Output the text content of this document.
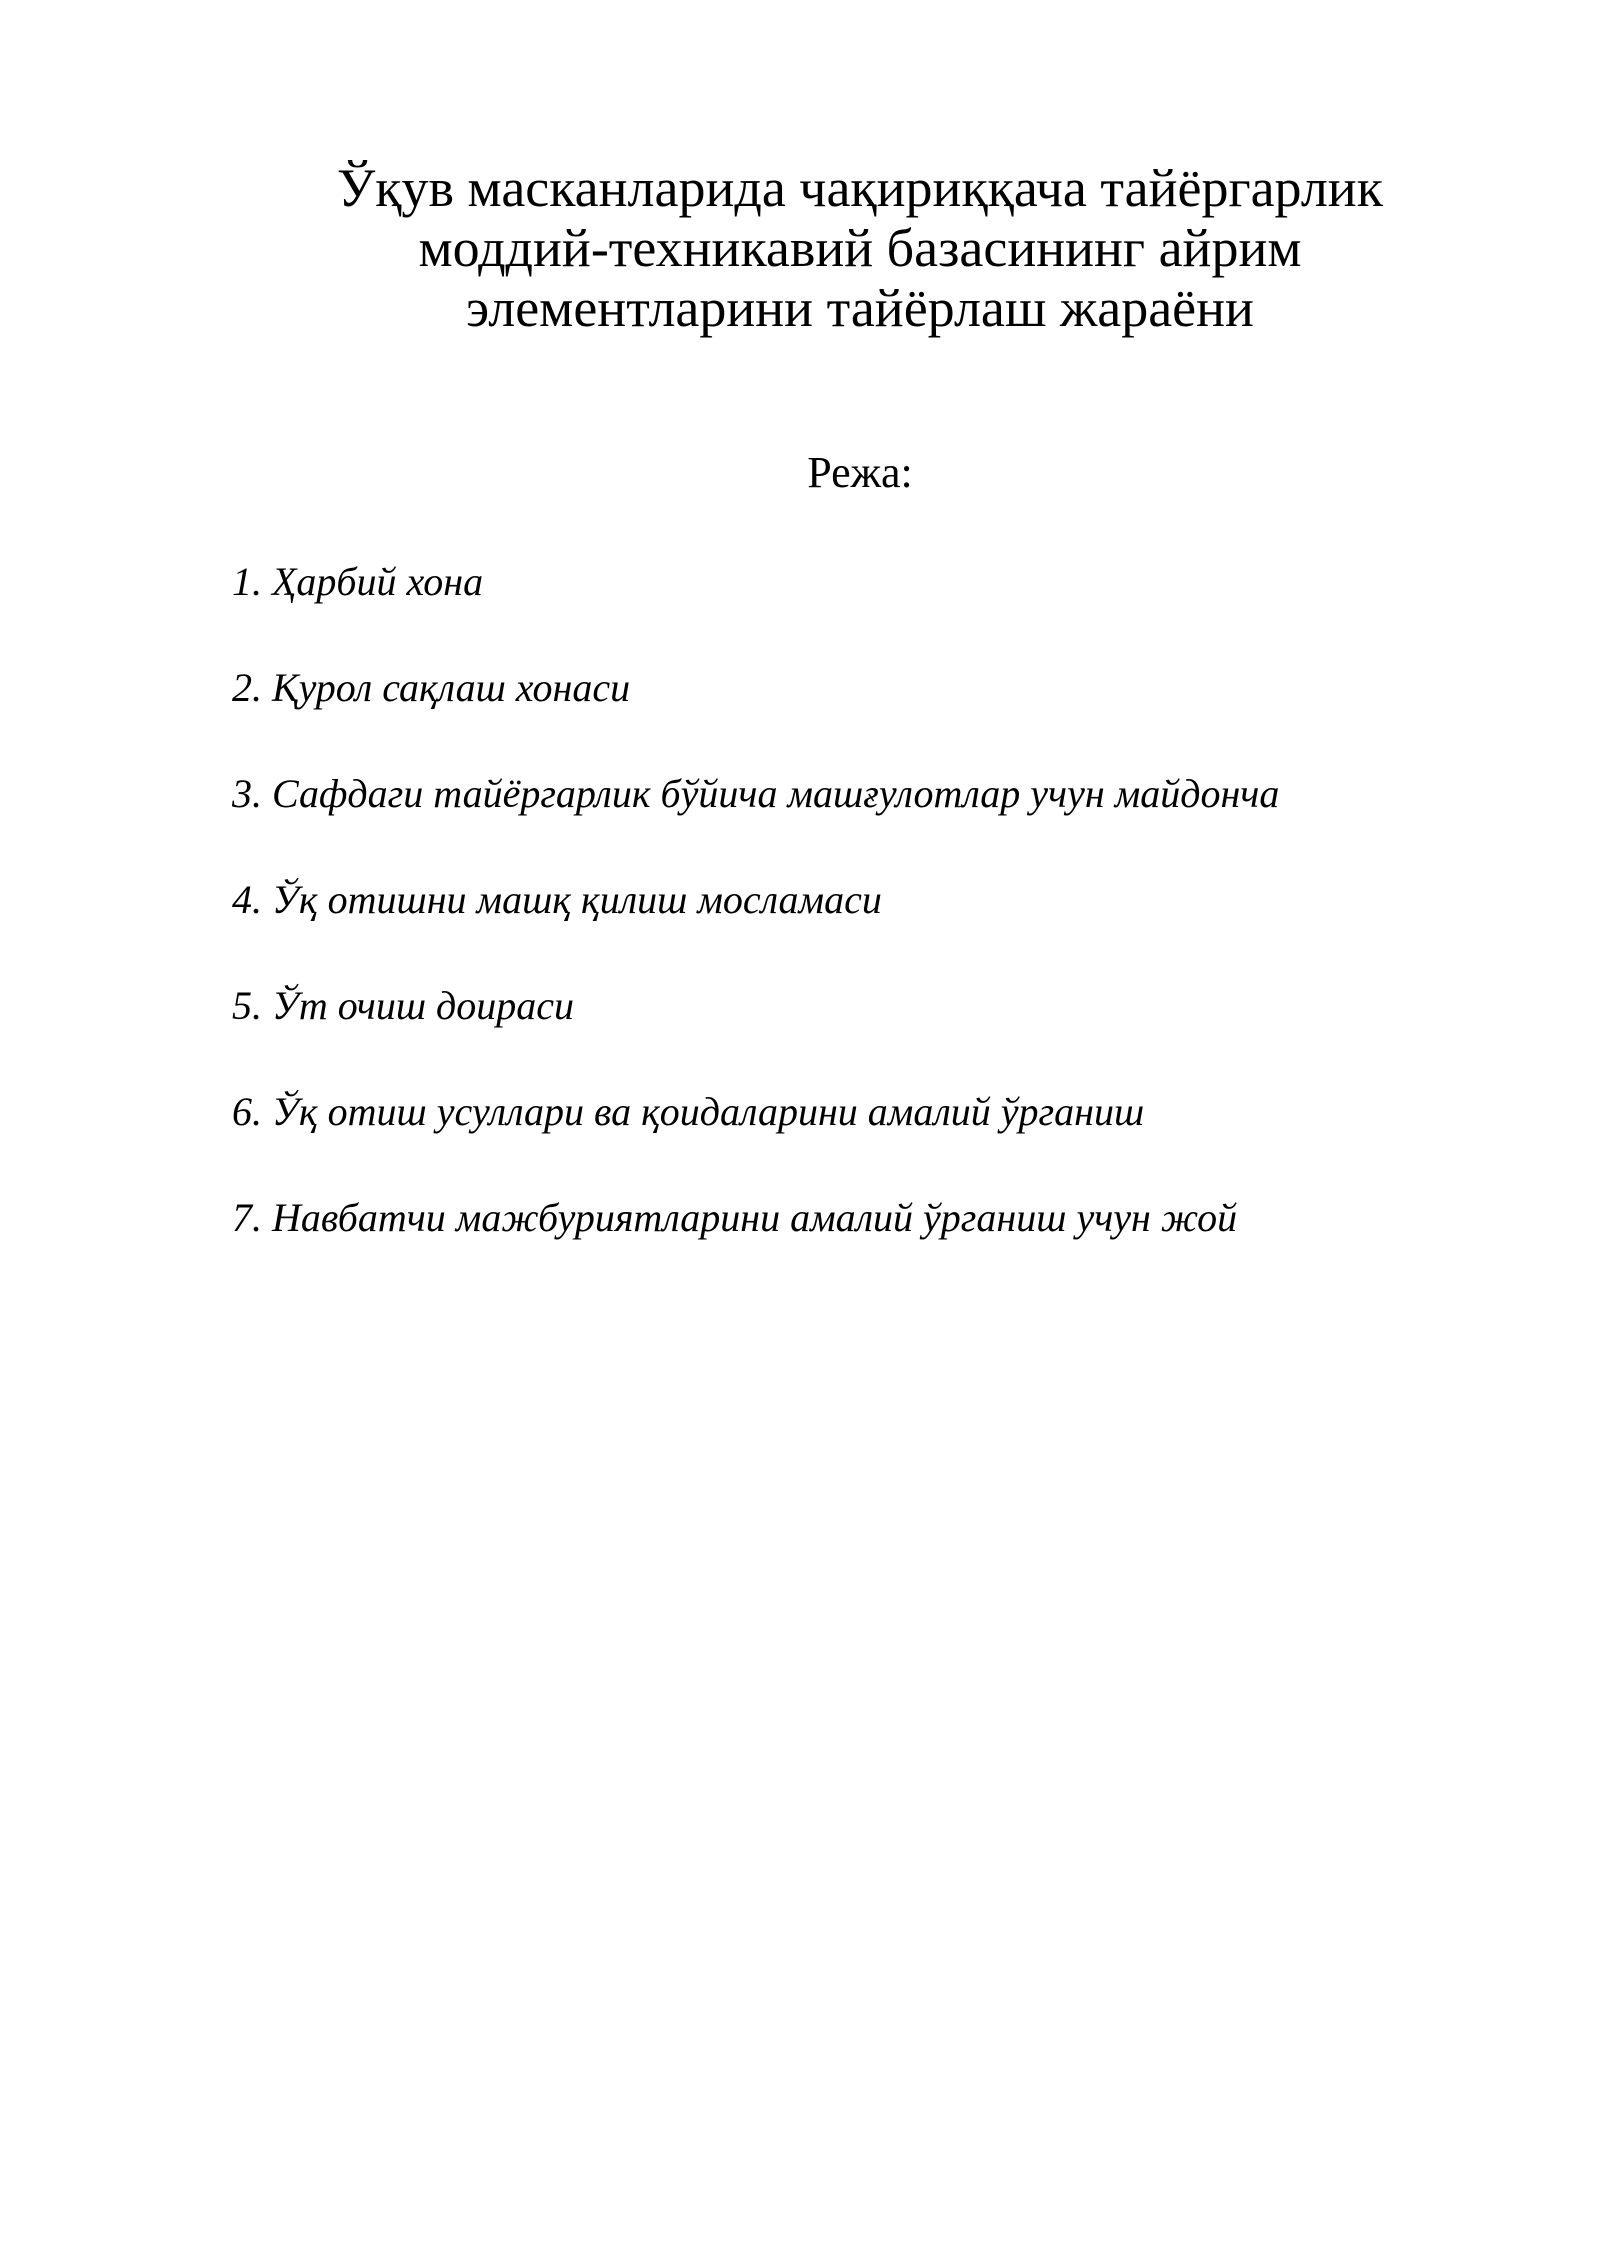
Ўқув масканларида чақириққача тайёргарлик
моддий-техникавий базасининг айрим
элементларини тайёрлаш жараёни
Режа:
1. Ҳарбий хона
2. Қурол сақлаш хонаси
3. Сафдаги тайёргарлик бўйича машғулотлар учун майдонча
4. Ўқ отишни машқ қилиш мосламаси
5. Ўт очиш доираси
6. Ўқ отиш усуллари ва қоидаларини амалий ўрганиш
7. Навбатчи мажбуриятларини амалий ўрганиш учун жой
